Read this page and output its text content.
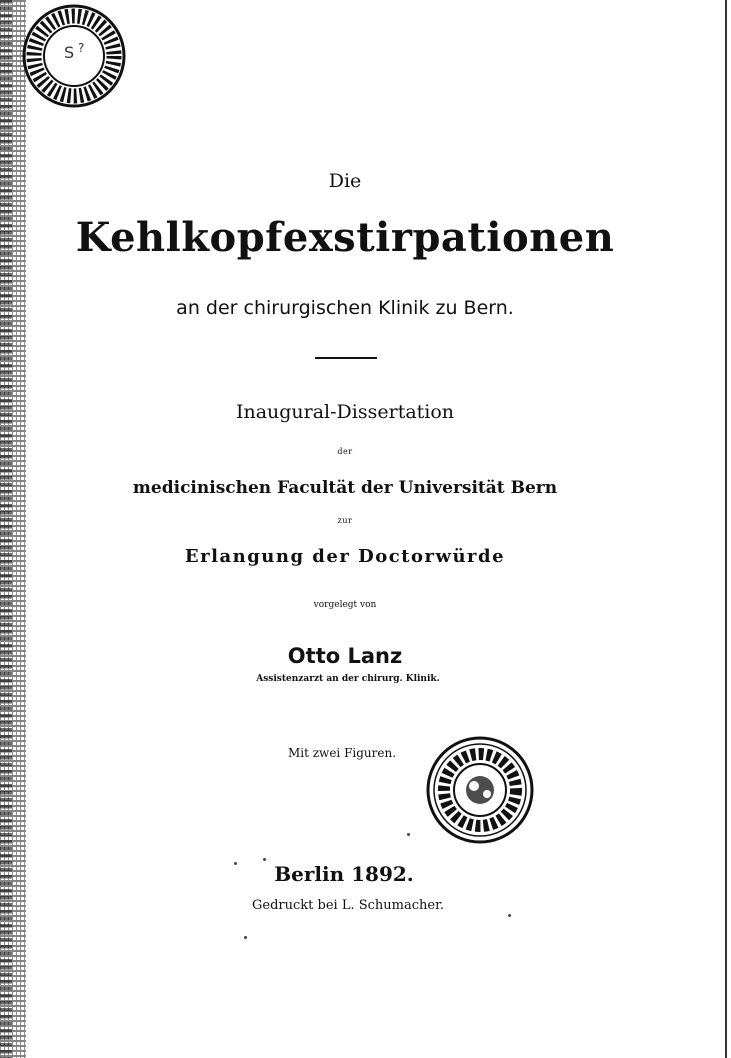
S ?
Die
Kehlkopfexstirpationen
an der chirurgischen Klinik zu Bern.
Inaugural-Dissertation
der
medicinischen Facultät der Universität Bern
zur
Erlangung der Doctorwürde
vorgelegt von
Otto Lanz
Assistenzarzt an der chirurg. Klinik.
Mit zwei Figuren.
Berlin 1892.
Gedruckt bei L. Schumacher.
